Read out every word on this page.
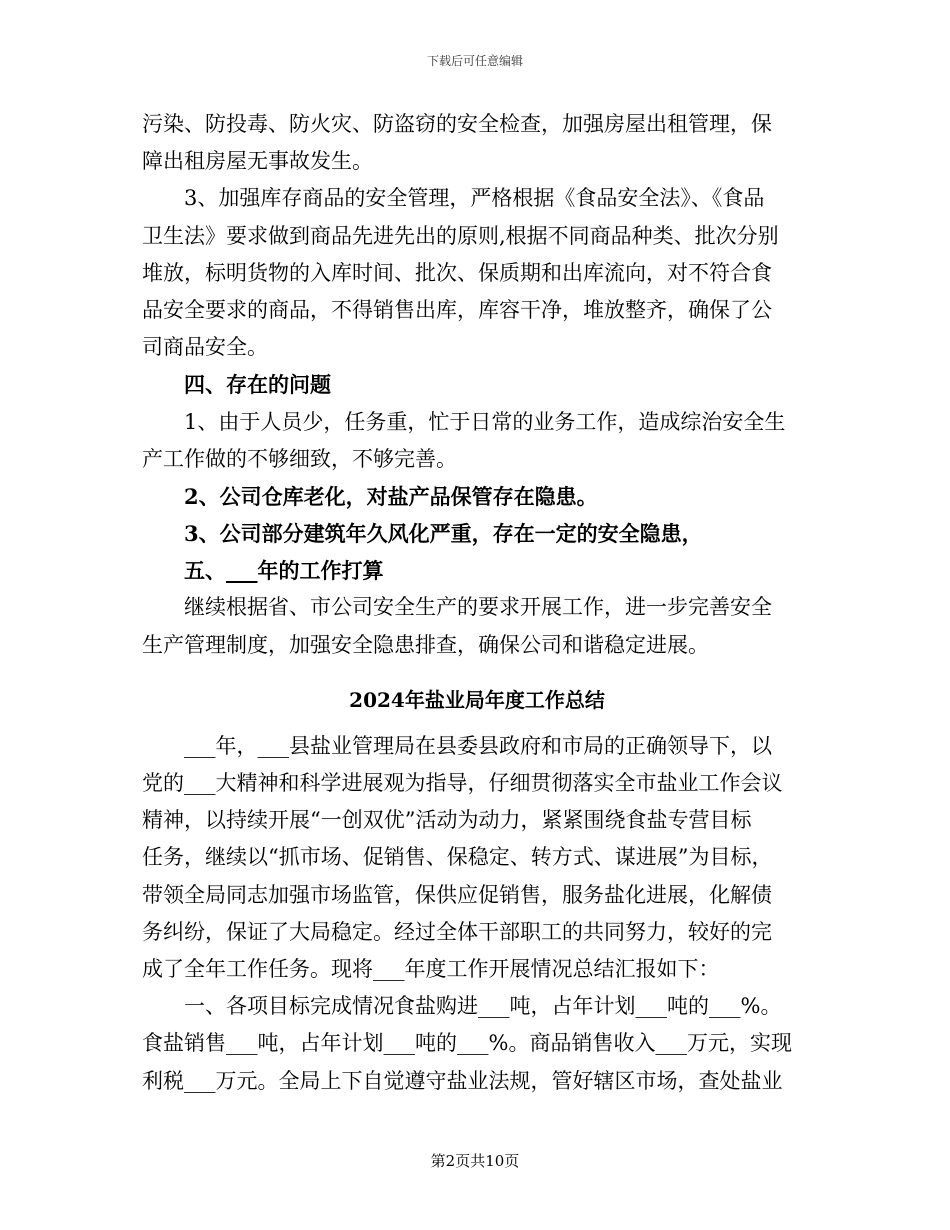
下载后可任意编辑
污染、防投毒、防火灾、防盗窃的安全检查，加强房屋出租管理，保
障出租房屋无事故发生。
3、加强库存商品的安全管理，严格根据《食品安全法》、《食品
卫生法》要求做到商品先进先出的原则,根据不同商品种类、批次分别
堆放，标明货物的入库时间、批次、保质期和出库流向，对不符合食
品安全要求的商品，不得销售出库，库容干净，堆放整齐，确保了公
司商品安全。
四、存在的问题
1、由于人员少，任务重，忙于日常的业务工作，造成综治安全生
产工作做的不够细致，不够完善。
2、公司仓库老化，对盐产品保管存在隐患。
3、公司部分建筑年久风化严重，存在一定的安全隐患，
五、___年的工作打算
继续根据省、市公司安全生产的要求开展工作，进一步完善安全
生产管理制度，加强安全隐患排查，确保公司和谐稳定进展。
2024年盐业局年度工作总结
___年，___县盐业管理局在县委县政府和市局的正确领导下，以
党的___大精神和科学进展观为指导，仔细贯彻落实全市盐业工作会议
精神，以持续开展“一创双优”活动为动力，紧紧围绕食盐专营目标
任务，继续以“抓市场、促销售、保稳定、转方式、谋进展”为目标，
带领全局同志加强市场监管，保供应促销售，服务盐化进展，化解债
务纠纷，保证了大局稳定。经过全体干部职工的共同努力，较好的完
成了全年工作任务。现将___年度工作开展情况总结汇报如下：
一、各项目标完成情况食盐购进___吨，占年计划___吨的___%。
食盐销售___吨，占年计划___吨的___%。商品销售收入___万元，实现
利税___万元。全局上下自觉遵守盐业法规，管好辖区市场，查处盐业
第2页共10页
